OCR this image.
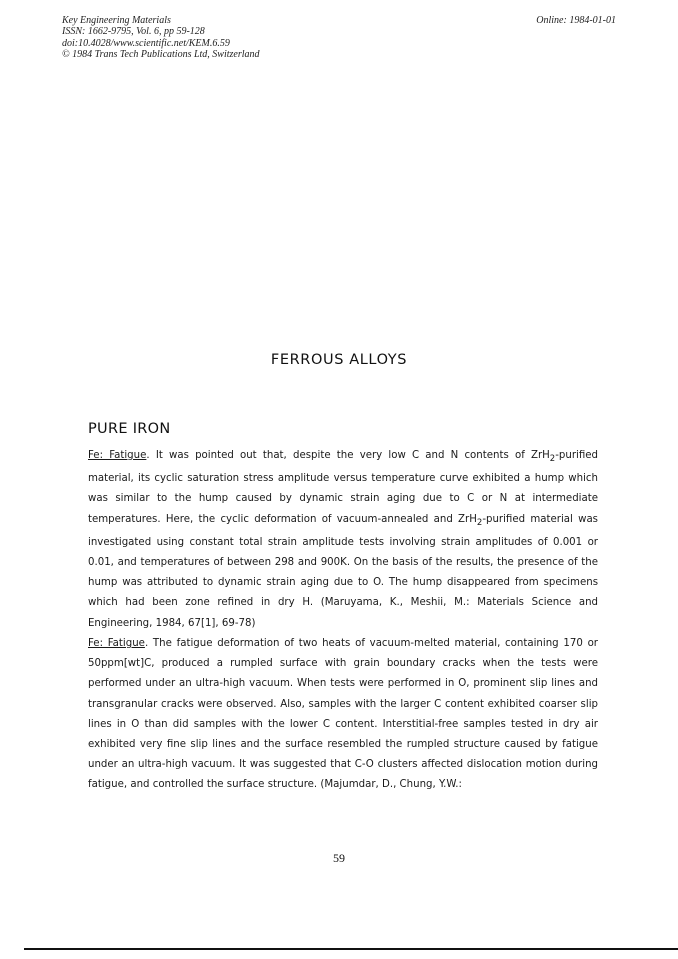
Key Engineering Materials
ISSN: 1662-9795, Vol. 6, pp 59-128
doi:10.4028/www.scientific.net/KEM.6.59
© 1984 Trans Tech Publications Ltd, Switzerland
Online: 1984-01-01
FERROUS ALLOYS
PURE IRON

Fe: Fatigue. It was pointed out that, despite the very low C and N contents of ZrH$_2$-purified material, its cyclic saturation stress amplitude versus temperature curve exhibited a hump which was similar to the hump caused by dynamic strain aging due to C or N at intermediate temperatures. Here, the cyclic deformation of vacuum-annealed and ZrH$_2$-purified material was investigated using constant total strain amplitude tests involving strain amplitudes of 0.001 or 0.01, and temperatures of between 298 and 900K. On the basis of the results, the presence of the hump was attributed to dynamic strain aging due to O. The hump disappeared from specimens which had been zone refined in dry H. (Maruyama, K., Meshii, M.: Materials Science and Engineering, 1984, 67[1], 69-78)

Fe: Fatigue. The fatigue deformation of two heats of vacuum-melted material, containing 170 or 50ppm[wt]C, produced a rumpled surface with grain boundary cracks when the tests were performed under an ultra-high vacuum. When tests were performed in O, prominent slip lines and transgranular cracks were observed. Also, samples with the larger C content exhibited coarser slip lines in O than did samples with the lower C content. Interstitial-free samples tested in dry air exhibited very fine slip lines and the surface resembled the rumpled structure caused by fatigue under an ultra-high vacuum. It was suggested that C-O clusters affected dislocation motion during fatigue, and controlled the surface structure. (Majumdar, D., Chung, Y.W.:

59
